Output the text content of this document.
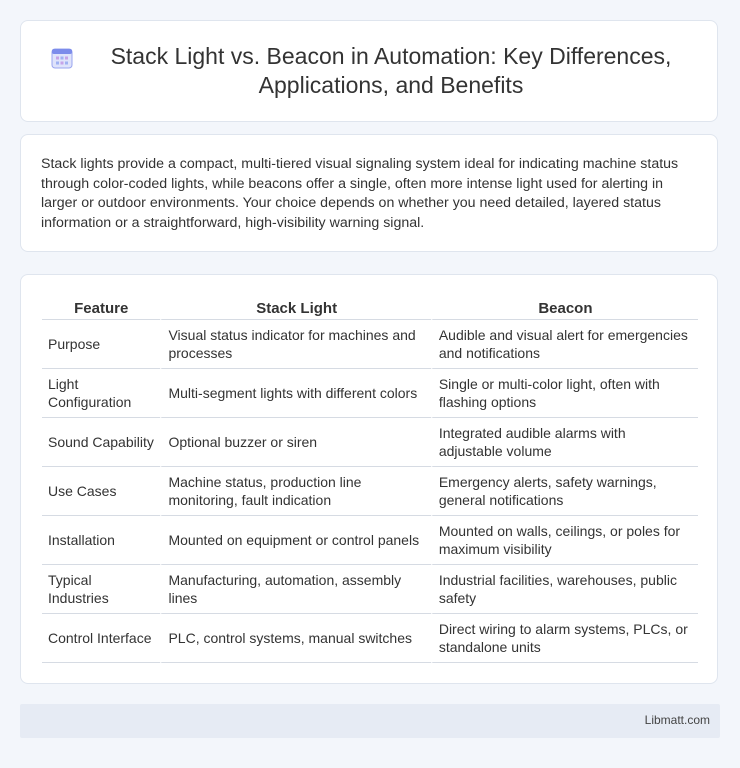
Stack Light vs. Beacon in Automation: Key Differences, Applications, and Benefits

Stack lights provide a compact, multi-tiered visual signaling system ideal for indicating machine status through color-coded lights, while beacons offer a single, often more intense light used for alerting in larger or outdoor environments. Your choice depends on whether you need detailed, layered status information or a straightforward, high-visibility warning signal.

Feature	Stack Light	Beacon
Purpose	Visual status indicator for machines and processes	Audible and visual alert for emergencies and notifications
Light Configuration	Multi-segment lights with different colors	Single or multi-color light, often with flashing options
Sound Capability	Optional buzzer or siren	Integrated audible alarms with adjustable volume
Use Cases	Machine status, production line monitoring, fault indication	Emergency alerts, safety warnings, general notifications
Installation	Mounted on equipment or control panels	Mounted on walls, ceilings, or poles for maximum visibility
Typical Industries	Manufacturing, automation, assembly lines	Industrial facilities, warehouses, public safety
Control Interface	PLC, control systems, manual switches	Direct wiring to alarm systems, PLCs, or standalone units
Libmatt.com
